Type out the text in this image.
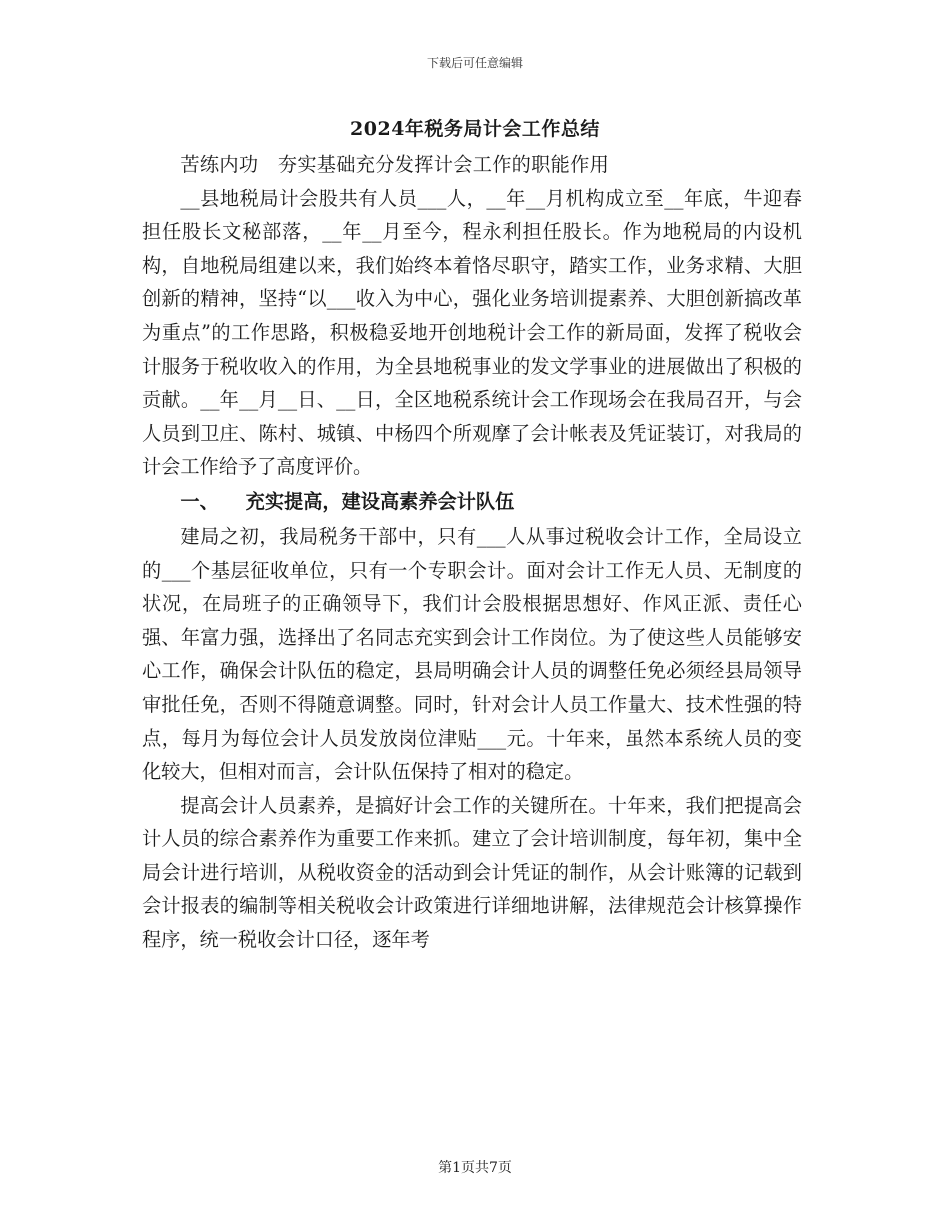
下载后可任意编辑
2024年税务局计会工作总结

苦练内功　夯实基础充分发挥计会工作的职能作用

__县地税局计会股共有人员___人，__年__月机构成立至__年底，牛迎春担任股长文秘部落，__年__月至今，程永利担任股长。作为地税局的内设机构，自地税局组建以来，我们始终本着恪尽职守，踏实工作，业务求精、大胆创新的精神，坚持“以___收入为中心，强化业务培训提素养、大胆创新搞改革为重点”的工作思路，积极稳妥地开创地税计会工作的新局面，发挥了税收会计服务于税收收入的作用，为全县地税事业的发文学事业的进展做出了积极的贡献。__年__月__日、__日，全区地税系统计会工作现场会在我局召开，与会人员到卫庄、陈村、城镇、中杨四个所观摩了会计帐表及凭证装订，对我局的计会工作给予了高度评价。

一、 充实提高，建设高素养会计队伍

建局之初，我局税务干部中，只有___人从事过税收会计工作，全局设立的___个基层征收单位，只有一个专职会计。面对会计工作无人员、无制度的状况，在局班子的正确领导下，我们计会股根据思想好、作风正派、责任心强、年富力强，选择出了名同志充实到会计工作岗位。为了使这些人员能够安心工作，确保会计队伍的稳定，县局明确会计人员的调整任免必须经县局领导审批任免，否则不得随意调整。同时，针对会计人员工作量大、技术性强的特点，每月为每位会计人员发放岗位津贴___元。十年来，虽然本系统人员的变化较大，但相对而言，会计队伍保持了相对的稳定。

提高会计人员素养，是搞好计会工作的关键所在。十年来，我们把提高会计人员的综合素养作为重要工作来抓。建立了会计培训制度，每年初，集中全局会计进行培训，从税收资金的活动到会计凭证的制作，从会计账簿的记载到会计报表的编制等相关税收会计政策进行详细地讲解，法律规范会计核算操作程序，统一税收会计口径，逐年考

第1页共7页
